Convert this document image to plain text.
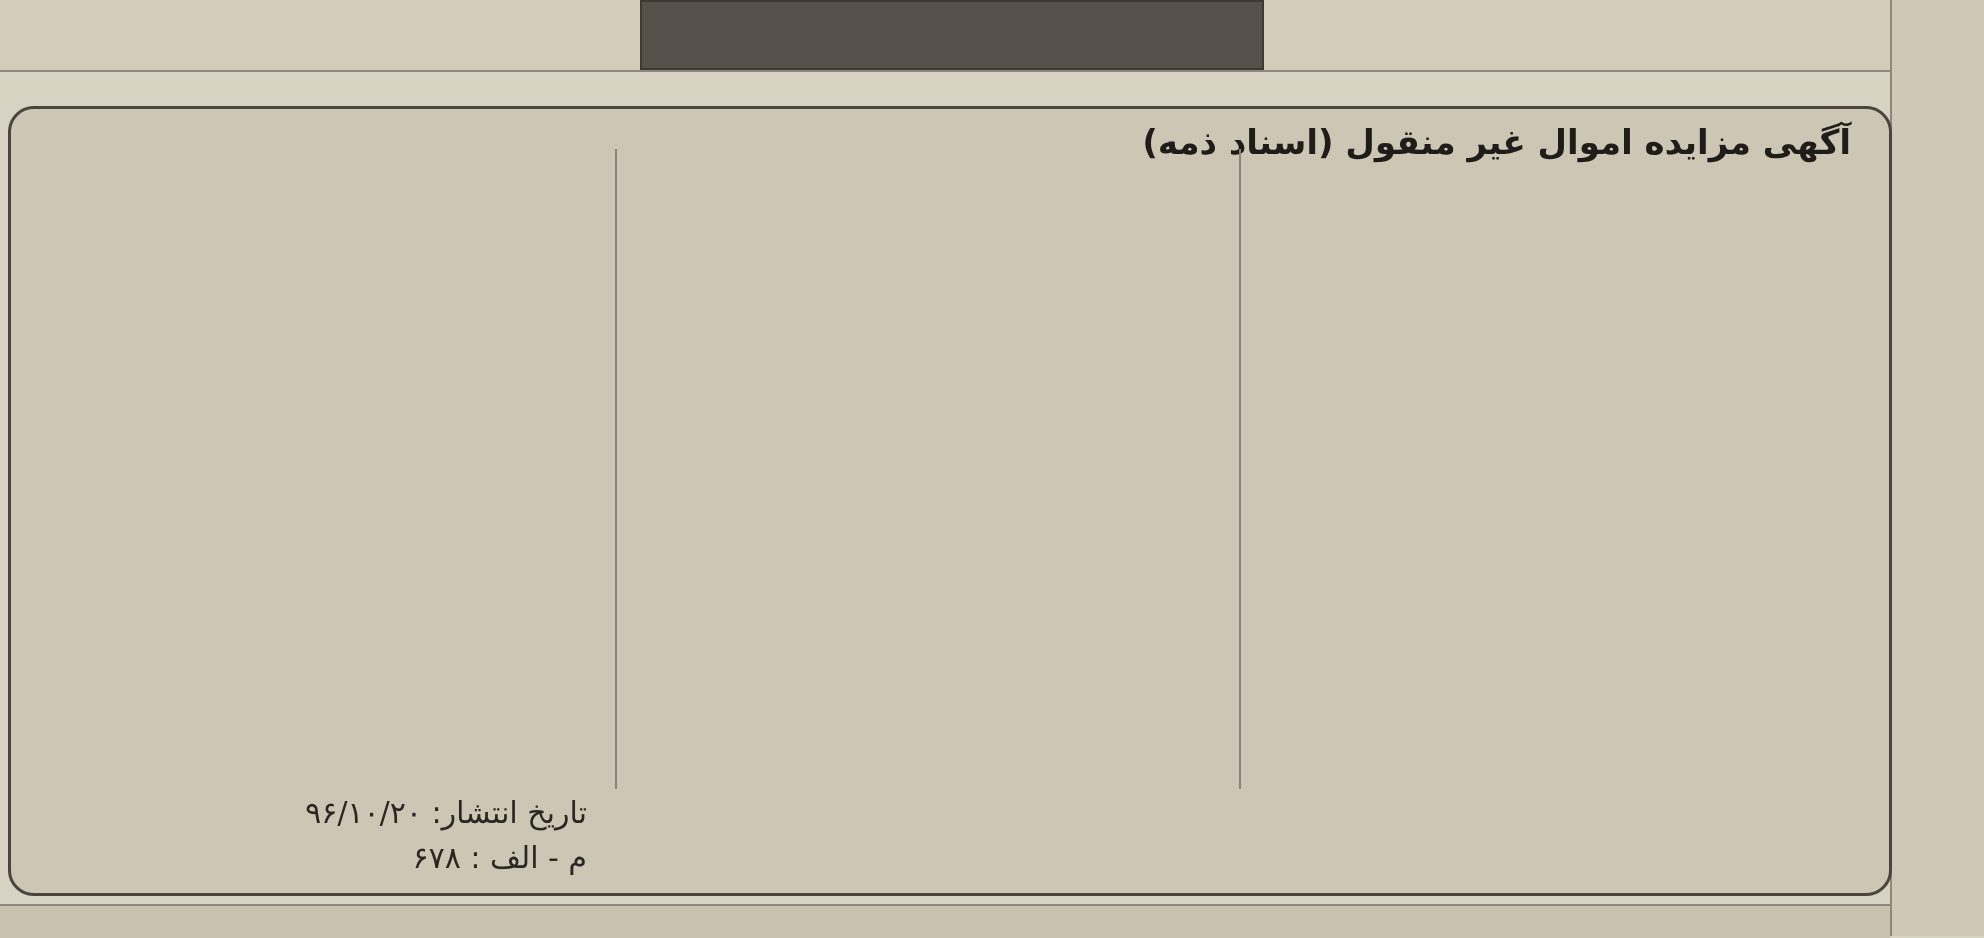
آگهی مزایده اموال غیر منقول (اسناد ذمه)

تاریخ انتشار: ۹۶/۱۰/۲۰

م - الف : ۶۷۸
